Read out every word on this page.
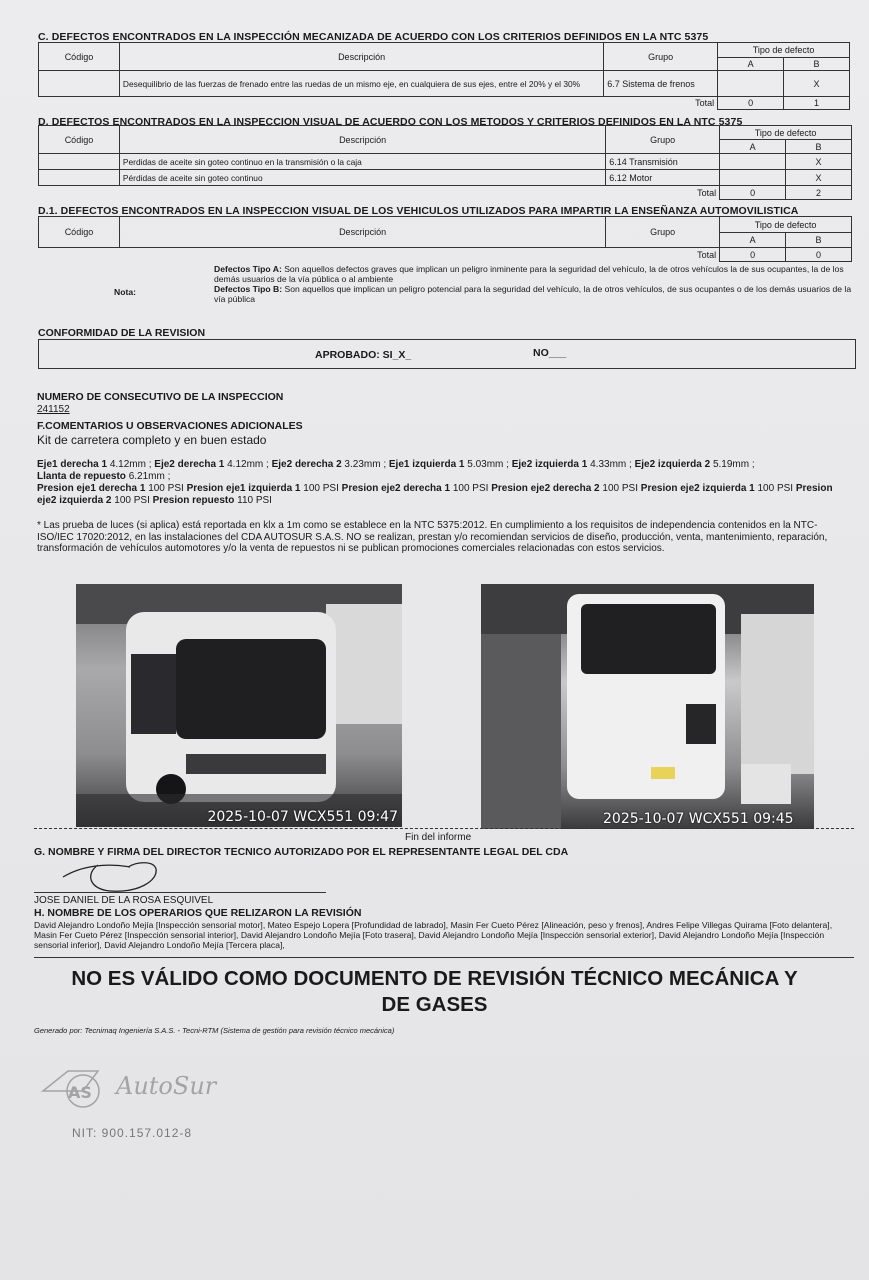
C. DEFECTOS ENCONTRADOS EN LA INSPECCIÓN MECANIZADA DE ACUERDO CON LOS CRITERIOS DEFINIDOS EN LA NTC 5375
Código	Descripción	Grupo	Tipo de defecto	
			A	B
	Desequilibrio de las fuerzas de frenado entre las ruedas de un mismo eje, en cualquiera de sus ejes, entre el 20% y el 30%	6.7 Sistema de frenos		X
Total			0	1
D. DEFECTOS ENCONTRADOS EN LA INSPECCION VISUAL DE ACUERDO CON LOS METODOS Y CRITERIOS DEFINIDOS EN LA NTC 5375
Código	Descripción	Grupo	Tipo de defecto	
			A	B
	Perdidas de aceite sin goteo continuo en la transmisión o la caja	6.14 Transmisión		X
	Pérdidas de aceite sin goteo continuo	6.12 Motor		X
Total			0	2
D.1. DEFECTOS ENCONTRADOS EN LA INSPECCION VISUAL DE LOS VEHICULOS UTILIZADOS PARA IMPARTIR LA ENSEÑANZA AUTOMOVILISTICA
Código	Descripción	Grupo	Tipo de defecto	
			A	B
Total			0	0
Nota:
Defectos Tipo A: Son aquellos defectos graves que implican un peligro inminente para la seguridad del vehículo, la de otros vehículos la de sus ocupantes, la de los demás usuarios de la vía pública o al ambiente
Defectos Tipo B: Son aquellos que implican un peligro potencial para la seguridad del vehículo, la de otros vehículos, de sus ocupantes o de los demás usuarios de la vía pública
CONFORMIDAD DE LA REVISION
APROBADO: SI_X_	NO___
NUMERO DE CONSECUTIVO DE LA INSPECCION
241152
F.COMENTARIOS U OBSERVACIONES ADICIONALES
Kit de carretera completo y en buen estado
Eje1 derecha 1 4.12mm ; Eje2 derecha 1 4.12mm ; Eje2 derecha 2 3.23mm ; Eje1 izquierda 1 5.03mm ; Eje2 izquierda 1 4.33mm ; Eje2 izquierda 2 5.19mm ;
Llanta de repuesto 6.21mm ;
Presion eje1 derecha 1 100 PSI Presion eje1 izquierda 1 100 PSI Presion eje2 derecha 1 100 PSI Presion eje2 derecha 2 100 PSI Presion eje2 izquierda 1 100 PSI Presion eje2 izquierda 2 100 PSI Presion repuesto 110 PSI
* Las prueba de luces (si aplica) está reportada en klx a 1m como se establece en la NTC 5375:2012. En cumplimiento a los requisitos de independencia contenidos en la NTC-ISO/IEC 17020:2012, en las instalaciones del CDA AUTOSUR S.A.S. NO se realizan, prestan y/o recomiendan servicios de diseño, producción, venta, mantenimiento, reparación, transformación de vehículos automotores y/o la venta de repuestos ni se publican promociones comerciales relacionadas con estos servicios.
2025-10-07 WCX551 09:47	2025-10-07 WCX551 09:45
Fin del informe
G. NOMBRE Y FIRMA DEL DIRECTOR TECNICO AUTORIZADO POR EL REPRESENTANTE LEGAL DEL CDA
JOSE DANIEL DE LA ROSA ESQUIVEL
H. NOMBRE DE LOS OPERARIOS QUE RELIZARON LA REVISIÓN
David Alejandro Londoño Mejía [Inspección sensorial motor], Mateo Espejo Lopera [Profundidad de labrado], Masin Fer Cueto Pérez [Alineación, peso y frenos], Andres Felipe Villegas Quirama [Foto delantera], Masin Fer Cueto Pérez [Inspección sensorial interior], David Alejandro Londoño Mejía [Foto trasera], David Alejandro Londoño Mejía [Inspección sensorial exterior], David Alejandro Londoño Mejía [Inspección sensorial inferior], David Alejandro Londoño Mejía [Tercera placa],
NO ES VÁLIDO COMO DOCUMENTO DE REVISIÓN TÉCNICO MECÁNICA Y
DE GASES
Generado por: Tecnimaq Ingeniería S.A.S. - Tecni-RTM (Sistema de gestión para revisión técnico mecánica)
AS AutoSur
NIT: 900.157.012-8
